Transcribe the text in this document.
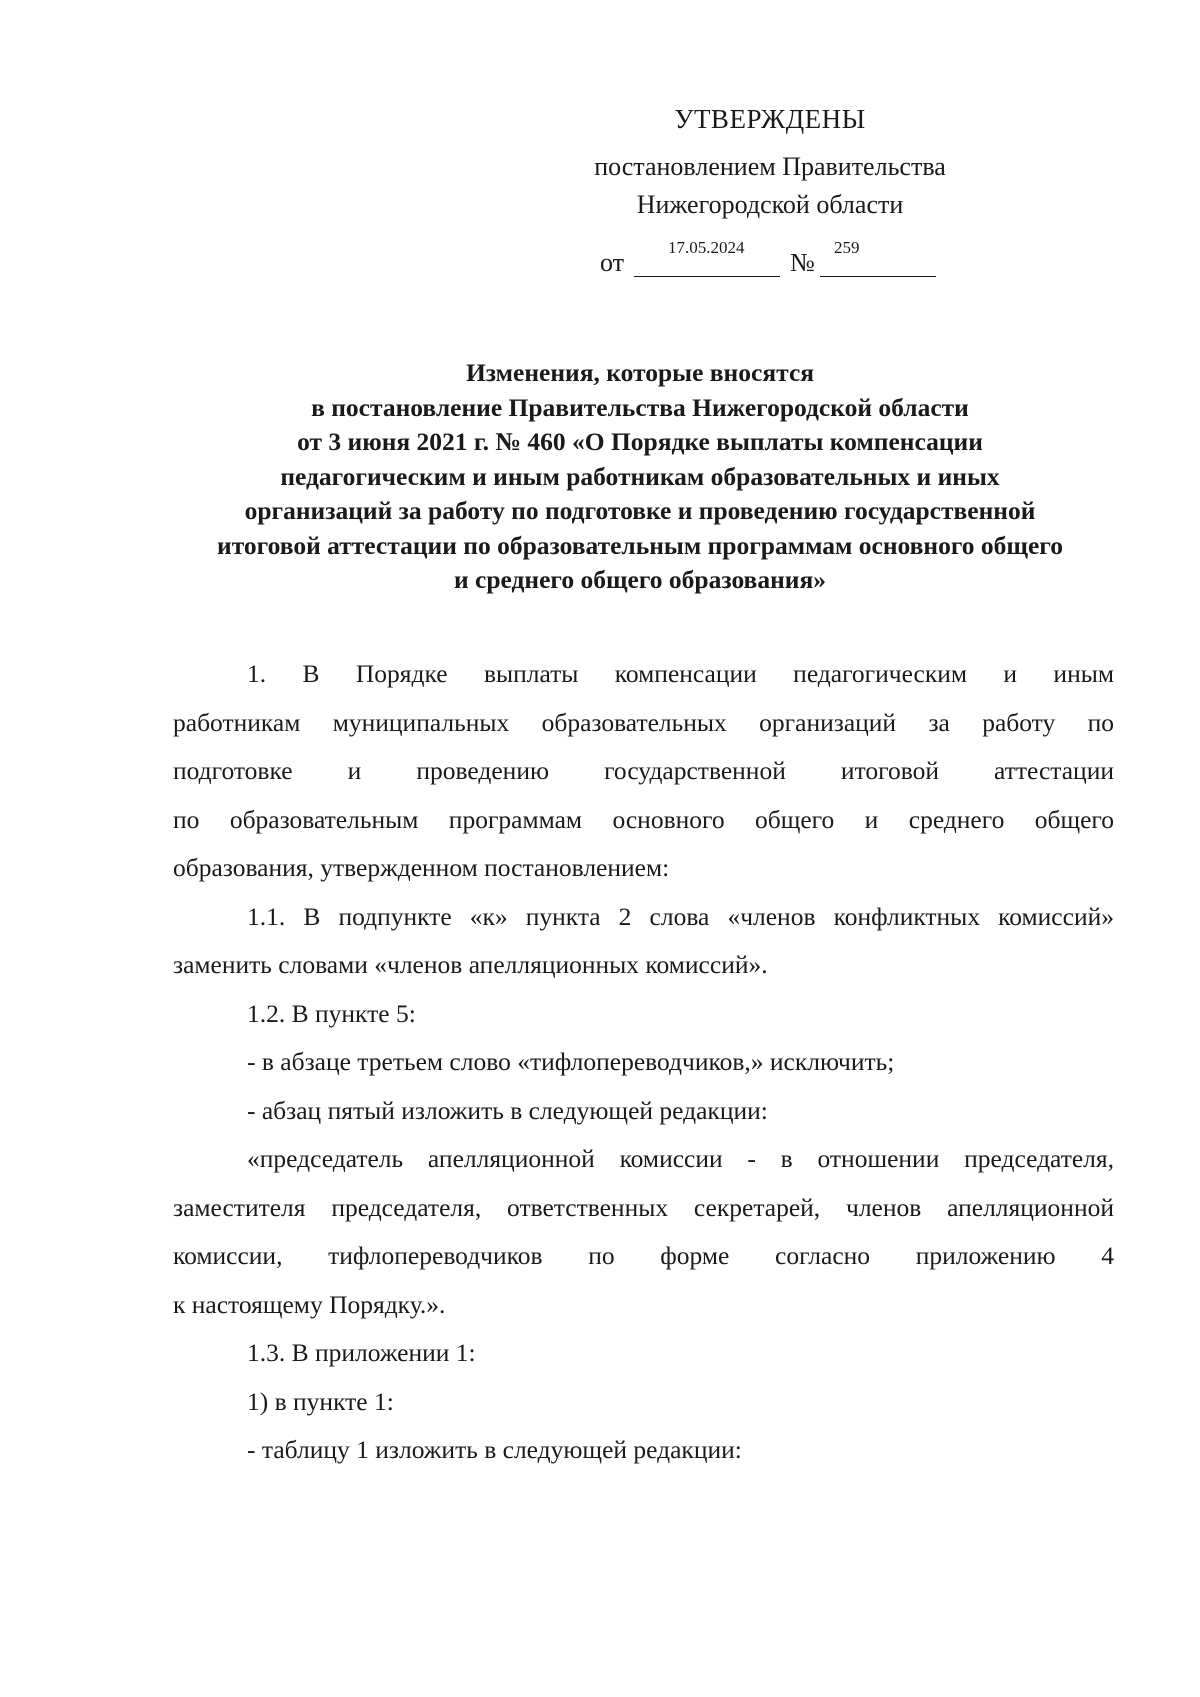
УТВЕРЖДЕНЫ
постановлением Правительства
Нижегородской области
от
17.05.2024
№
259
Изменения, которые вносятся
в постановление Правительства Нижегородской области
от 3 июня 2021 г. № 460 «О Порядке выплаты компенсации
педагогическим и иным работникам образовательных и иных
организаций за работу по подготовке и проведению государственной
итоговой аттестации по образовательным программам основного общего
и среднего общего образования»
1. В Порядке выплаты компенсации педагогическим и иным
работникам муниципальных образовательных организаций за работу по
подготовке и проведению государственной итоговой аттестации
по образовательным программам основного общего и среднего общего
образования, утвержденном постановлением:
1.1. В подпункте «к» пункта 2 слова «членов конфликтных комиссий»
заменить словами «членов апелляционных комиссий».

1.2. В пункте 5:

- в абзаце третьем слово «тифлопереводчиков,» исключить;

- абзац пятый изложить в следующей редакции:

«председатель апелляционной комиссии - в отношении председателя,
заместителя председателя, ответственных секретарей, членов апелляционной
комиссии, тифлопереводчиков по форме согласно приложению 4
к настоящему Порядку.».

1.3. В приложении 1:

1) в пункте 1:

- таблицу 1 изложить в следующей редакции:
